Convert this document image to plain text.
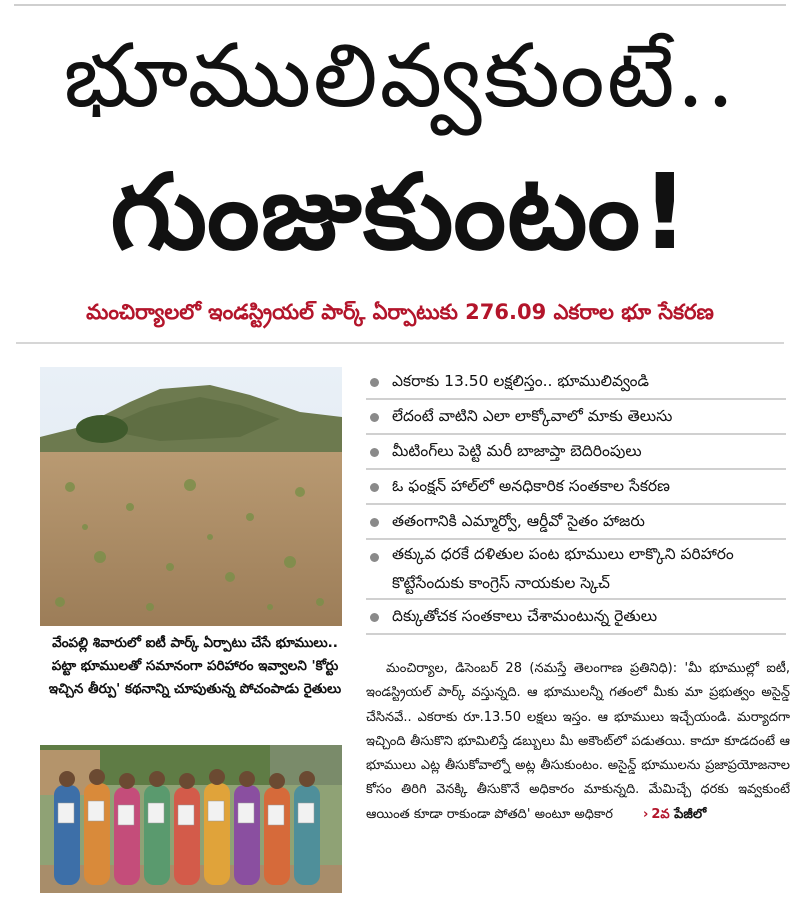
భూములివ్వకుంటే..
గుంజుకుంటం!
మంచిర్యాలలో ఇండస్ట్రియల్ పార్క్ ఏర్పాటుకు 276.09 ఎకరాల భూ సేకరణ
వేంపల్లి శివారులో ఐటీ పార్క్ ఏర్పాటు చేసే భూములు.. పట్టా భూములతో సమానంగా పరిహారం ఇవ్వాలని 'కోర్టు ఇచ్చిన తీర్పు' కథనాన్ని చూపుతున్న పోచంపాడు రైతులు
ఎకరాకు 13.50 లక్షలిస్తం.. భూములివ్వండి
లేదంటే వాటిని ఎలా లాక్కోవాలో మాకు తెలుసు
మీటింగ్‌లు పెట్టి మరీ బాజాప్తా బెదిరింపులు
ఓ ఫంక్షన్ హాల్‌లో అనధికారిక సంతకాల సేకరణ
తతంగానికి ఎమ్మార్వో, ఆర్డీవో సైతం హాజరు
తక్కువ ధరకే దళితుల పంట భూములు లాక్కొని పరిహారం కొట్టేసేందుకు కాంగ్రెస్ నాయకుల స్కెచ్
దిక్కుతోచక సంతకాలు చేశామంటున్న రైతులు

మంచిర్యాల, డిసెంబర్ 28 (నమస్తే తెలంగాణ ప్రతినిధి): 'మీ భూముల్లో ఐటీ, ఇండస్ట్రియల్ పార్క్ వస్తున్నది. ఆ భూములన్నీ గతంలో మీకు మా ప్రభుత్వం అసైన్డ్ చేసినవే.. ఎకరాకు రూ.13.50 లక్షలు ఇస్తం. ఆ భూములు ఇచ్చేయండి. మర్యాదగా ఇచ్చింది తీసుకొని భూమిలిస్తే డబ్బులు మీ అకౌంట్‌లో పడుతయి. కాదూ కూడదంటే ఆ భూములు ఎట్ల తీసుకోవాల్నో అట్ల తీసుకుంటం. అసైన్డ్ భూములను ప్రజాప్రయోజనాల కోసం తిరిగి వెనక్కి తీసుకొనే అధికారం మాకున్నది. మేమిచ్చే ధరకు ఇవ్వకుంటే ఆయింత కూడా రాకుండా పోతది' అంటూ అధికార › 2వ పేజీలో
